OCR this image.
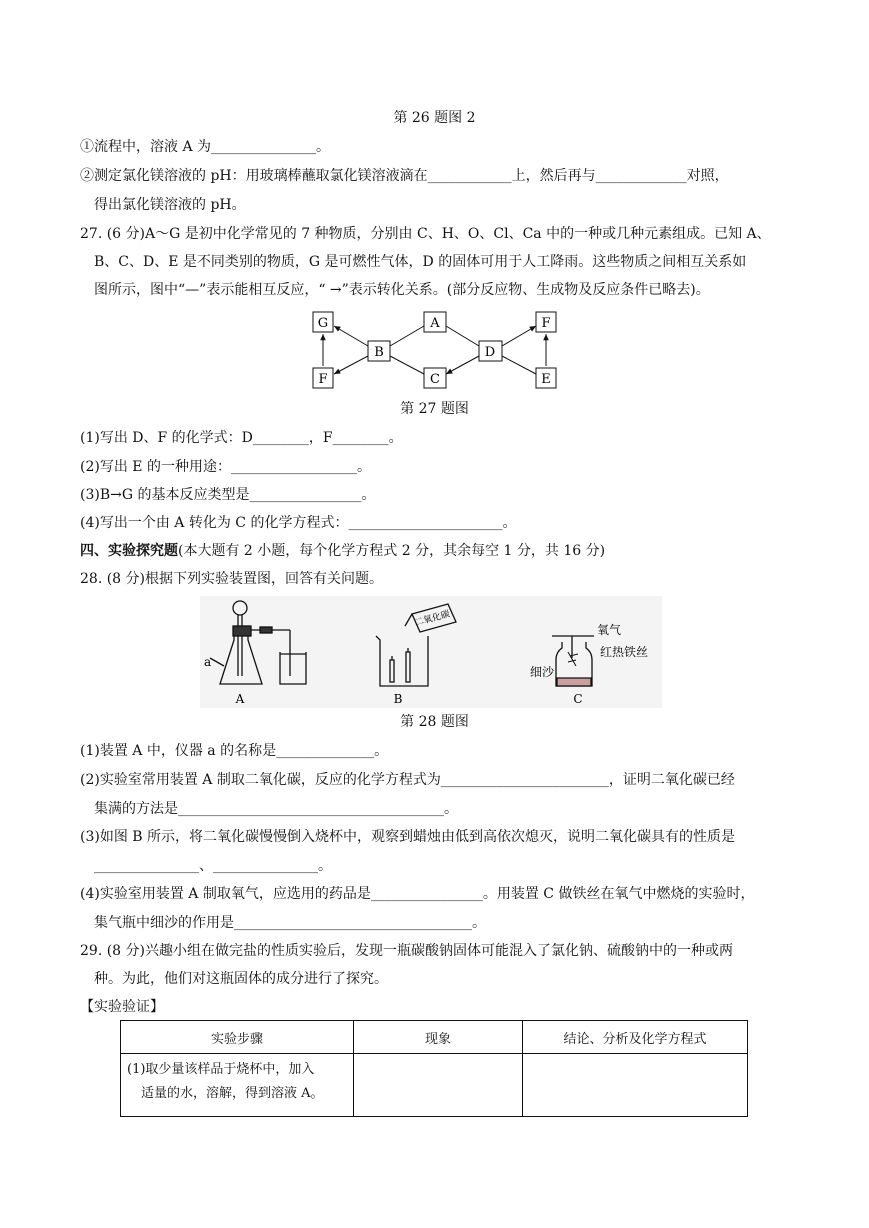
第 26 题图 2
①流程中，溶液 A 为_______________。
②测定氯化镁溶液的 pH：用玻璃棒蘸取氯化镁溶液滴在____________上，然后再与_____________对照，
得出氯化镁溶液的 pH。
27. (6 分)A～G 是初中化学常见的 7 种物质，分别由 C、H、O、Cl、Ca 中的一种或几种元素组成。已知 A、
B、C、D、E 是不同类别的物质，G 是可燃性气体，D 的固体可用于人工降雨。这些物质之间相互关系如
图所示，图中“—”表示能相互反应，“ →”表示转化关系。(部分反应物、生成物及反应条件已略去)。
G	A	F
B	D
F	C	E
第 27 题图
(1)写出 D、F 的化学式：D________，F________。
(2)写出 E 的一种用途：__________________。
(3)B→G 的基本反应类型是________________。
(4)写出一个由 A 转化为 C 的化学方程式：______________________。
四、实验探究题(本大题有 2 小题，每个化学方程式 2 分，其余每空 1 分，共 16 分)
28. (8 分)根据下列实验装置图，回答有关问题。
a
A
二氧化碳
B
氧气
红热铁丝
细沙
C
第 28 题图
(1)装置 A 中，仪器 a 的名称是______________。
(2)实验室常用装置 A 制取二氧化碳，反应的化学方程式为________________________，证明二氧化碳已经
集满的方法是______________________________________。
(3)如图 B 所示，将二氧化碳慢慢倒入烧杯中，观察到蜡烛由低到高依次熄灭，说明二氧化碳具有的性质是
_______________、_______________。
(4)实验室用装置 A 制取氧气，应选用的药品是________________。用装置 C 做铁丝在氧气中燃烧的实验时，
集气瓶中细沙的作用是__________________________________。
29. (8 分)兴趣小组在做完盐的性质实验后，发现一瓶碳酸钠固体可能混入了氯化钠、硫酸钠中的一种或两
种。为此，他们对这瓶固体的成分进行了探究。
【实验验证】
实验步骤	现象	结论、分析及化学方程式

(1)取少量该样品于烧杯中，加入
适量的水，溶解，得到溶液 A。		
